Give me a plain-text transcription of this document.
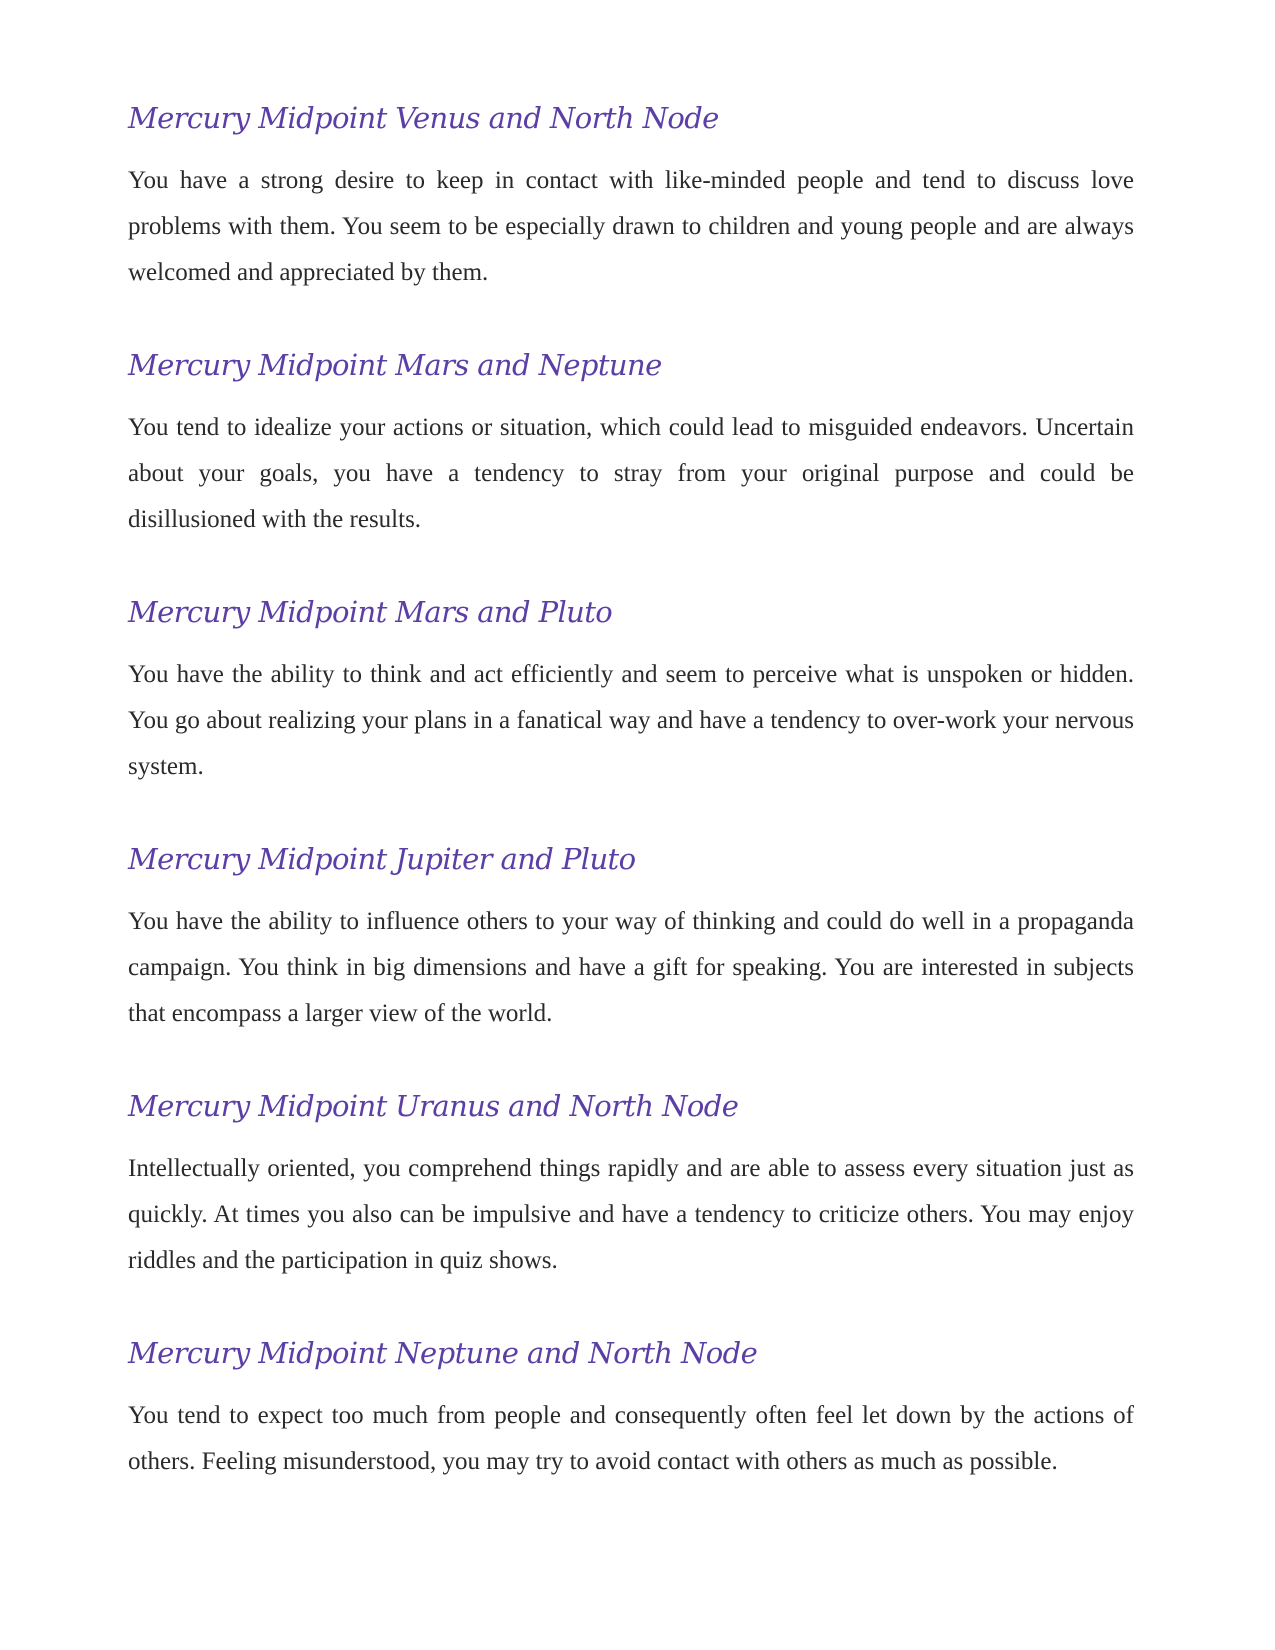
Mercury Midpoint Venus and North Node

You have a strong desire to keep in contact with like-minded people and tend to discuss love problems with them. You seem to be especially drawn to children and young people and are always welcomed and appreciated by them.

Mercury Midpoint Mars and Neptune

You tend to idealize your actions or situation, which could lead to misguided endeavors. Uncertain about your goals, you have a tendency to stray from your original purpose and could be disillusioned with the results.

Mercury Midpoint Mars and Pluto

You have the ability to think and act efficiently and seem to perceive what is unspoken or hidden. You go about realizing your plans in a fanatical way and have a tendency to over-work your nervous system.

Mercury Midpoint Jupiter and Pluto

You have the ability to influence others to your way of thinking and could do well in a propaganda campaign. You think in big dimensions and have a gift for speaking. You are interested in subjects that encompass a larger view of the world.

Mercury Midpoint Uranus and North Node

Intellectually oriented, you comprehend things rapidly and are able to assess every situation just as quickly. At times you also can be impulsive and have a tendency to criticize others. You may enjoy riddles and the participation in quiz shows.

Mercury Midpoint Neptune and North Node

You tend to expect too much from people and consequently often feel let down by the actions of others. Feeling misunderstood, you may try to avoid contact with others as much as possible.
